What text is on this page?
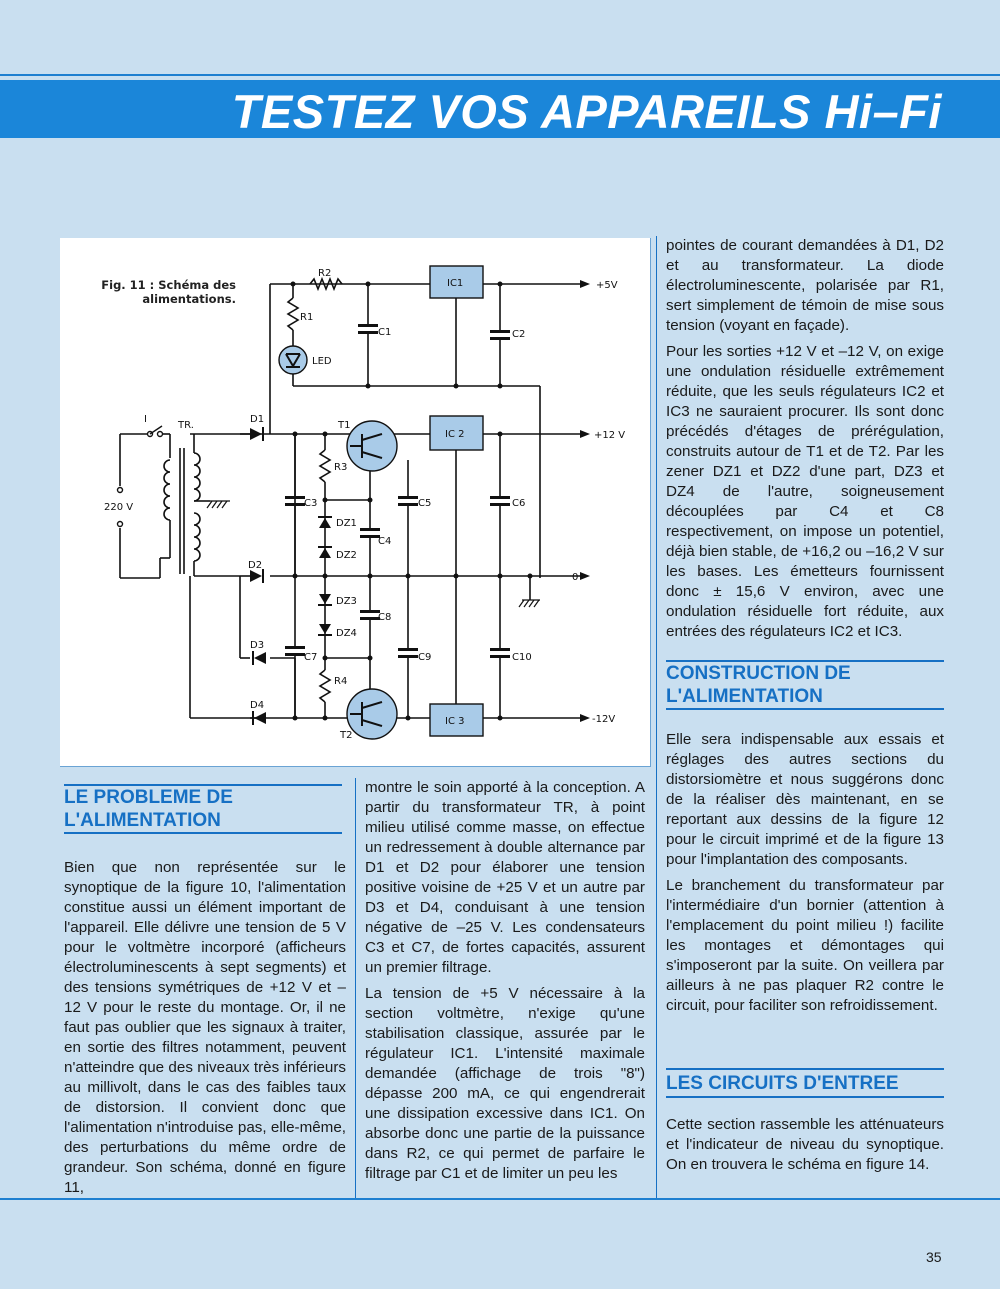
TESTEZ VOS APPAREILS Hi–Fi
Fig. 11 : Schéma des alimentations.
R2
R1
LED
C1
IC1
C2
+5V
I
TR.
D1
T1
IC 2	+12 V
R3
C3	C5	C6
DZ1
C4
DZ2
220 V
D2
0
DZ3
C8
DZ4
D3
C7	C9	C10
R4
D4
IC 3	-12V
T2

pointes de courant demandées à D1, D2 et au transformateur. La diode électroluminescente, polarisée par R1, sert simplement de témoin de mise sous tension (voyant en façade).

Pour les sorties +12 V et –12 V, on exige une ondulation résiduelle extrêmement réduite, que les seuls régulateurs IC2 et IC3 ne sauraient procurer. Ils sont donc précédés d'étages de prérégulation, construits autour de T1 et de T2. Par les zener DZ1 et DZ2 d'une part, DZ3 et DZ4 de l'autre, soigneusement découplées par C4 et C8 respectivement, on impose un potentiel, déjà bien stable, de +16,2 ou –16,2 V sur les bases. Les émetteurs fournissent donc ± 15,6 V environ, avec une ondulation résiduelle fort réduite, aux entrées des régulateurs IC2 et IC3.

CONSTRUCTION DE L'ALIMENTATION

Elle sera indispensable aux essais et réglages des autres sections du distorsiomètre et nous suggérons donc de la réaliser dès maintenant, en se reportant aux dessins de la figure 12 pour le circuit imprimé et de la figure 13 pour l'implantation des composants.

Le branchement du transformateur par l'intermédiaire d'un bornier (attention à l'emplacement du point milieu !) facilite les montages et démontages qui s'imposeront par la suite. On veillera par ailleurs à ne pas plaquer R2 contre le circuit, pour faciliter son refroidissement.

LES CIRCUITS D'ENTREE

Cette section rassemble les atténuateurs et l'indicateur de niveau du synoptique. On en trouvera le schéma en figure 14.

LE PROBLEME DE L'ALIMENTATION

Bien que non représentée sur le synoptique de la figure 10, l'alimentation constitue aussi un élément important de l'appareil. Elle délivre une tension de 5 V pour le voltmètre incorporé (afficheurs électroluminescents à sept segments) et des tensions symétriques de +12 V et –12 V pour le reste du montage. Or, il ne faut pas oublier que les signaux à traiter, en sortie des filtres notamment, peuvent n'atteindre que des niveaux très inférieurs au millivolt, dans le cas des faibles taux de distorsion. Il convient donc que l'alimentation n'introduise pas, elle-même, des perturbations du même ordre de grandeur. Son schéma, donné en figure 11,

montre le soin apporté à la conception. A partir du transformateur TR, à point milieu utilisé comme masse, on effectue un redressement à double alternance par D1 et D2 pour élaborer une tension positive voisine de +25 V et un autre par D3 et D4, conduisant à une tension négative de –25 V. Les condensateurs C3 et C7, de fortes capacités, assurent un premier filtrage.

La tension de +5 V nécessaire à la section voltmètre, n'exige qu'une stabilisation classique, assurée par le régulateur IC1. L'intensité maximale demandée (affichage de trois "8") dépasse 200 mA, ce qui engendrerait une dissipation excessive dans IC1. On absorbe donc une partie de la puissance dans R2, ce qui permet de parfaire le filtrage par C1 et de limiter un peu les

35
